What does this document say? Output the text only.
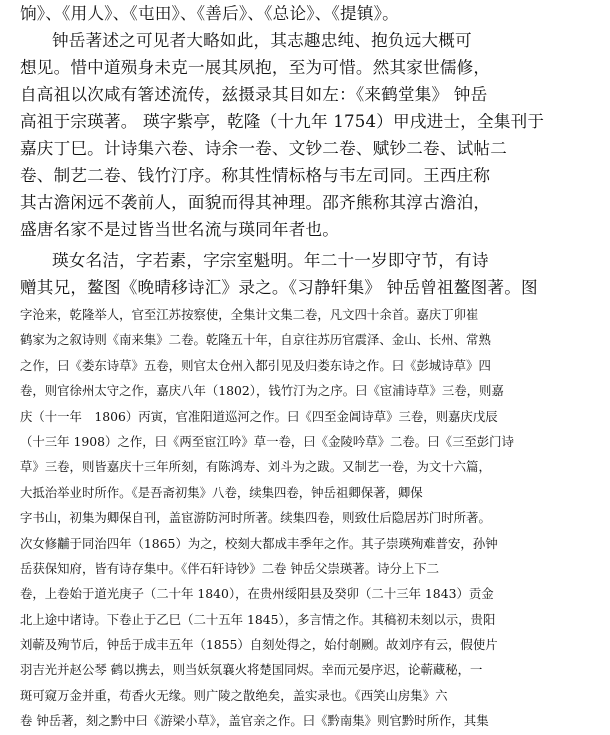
饷》、《用人》、《屯田》、《善后》、《总论》、《提镇》。
钟岳著述之可见者大略如此，其志趣忠纯、抱负远大概可
想见。惜中道殒身未克一展其夙抱，至为可惜。然其家世儒修，
自高祖以次咸有箸述流传，兹摄录其目如左：《来鹤堂集》 钟岳
高祖于宗瑛著。 瑛字紫亭，乾隆（十九年 1754）甲戌进士，全集刊于
嘉庆丁巳。计诗集六卷、诗余一卷、文钞二卷、赋钞二卷、试帖二
卷、制艺二卷、钱竹汀序。称其性情标格与韦左司同。王西庄称
其古澹闲远不袭前人，面貌而得其神理。邵齐熊称其淳古澹泊，
盛唐名家不是过皆当世名流与瑛同年者也。
瑛女名洁，字若素，字宗室魁明。年二十一岁即守节，有诗
赠其兄，鳌图《晚晴移诗汇》录之。《习静轩集》 钟岳曾祖鳌图著。图
字沧来，乾隆举人，官至江苏按察使，全集计文集二卷，凡文四十余首。嘉庆丁卯崔
鹤家为之叙诗则《南来集》二卷。乾隆五十年，自京往苏历官震泽、金山、长州、常熟
之作，曰《娄东诗草》五卷，则官太仓州入都引见及归娄东诗之作。曰《彭城诗草》四
卷，则官徐州太守之作，嘉庆八年（1802），钱竹汀为之序。曰《宦浦诗草》三卷，则嘉
庆（十一年　1806）丙寅，官准阳道巡河之作。曰《四至金阊诗草》三卷，则嘉庆戊辰
（十三年 1908）之作，曰《两至宦江吟》草一卷，曰《金陵吟草》二卷。曰《三至彭门诗
草》三卷，则皆嘉庆十三年所刻，有陈鸿寿、刘斗为之跋。又制艺一卷，为文十六篇，
大抵治举业时所作。《是吾斋初集》八卷，续集四卷，钟岳祖卿保著，卿保
字书山，初集为卿保自刊，盖宦游防河时所著。续集四卷，则致仕后隐居苏门时所著。
次女修黼于同治四年（1865）为之，校刻大都成丰季年之作。其子崇瑛殉难普安，孙钟
岳获保知府，皆有诗存集中。《伴石轩诗钞》二卷 钟岳父崇瑛著。诗分上下二
卷，上卷始于道光庚子（二十年 1840），在贵州绥阳县及癸卯（二十三年 1843）贡金
北上途中诸诗。下卷止于乙巳（二十五年 1845），多言情之作。其稿初未刻以示，贵阳
刘蕲及殉节后，钟岳于成丰五年（1855）自刻处得之，始付剞劂。故刘序有云，假使片
羽吉光并赵公琴 鹤以携去，则当妖氛襄火将楚国同烬。幸而元晏序迟，论蕲藏秘，一
斑可窥万金并重，苟香火无缘。则广陵之散绝矣，盖实录也。《西笑山房集》六
卷 钟岳著，刻之黔中曰《游梁小草》，盖官亲之作。曰《黔南集》则官黔时所作，其集
